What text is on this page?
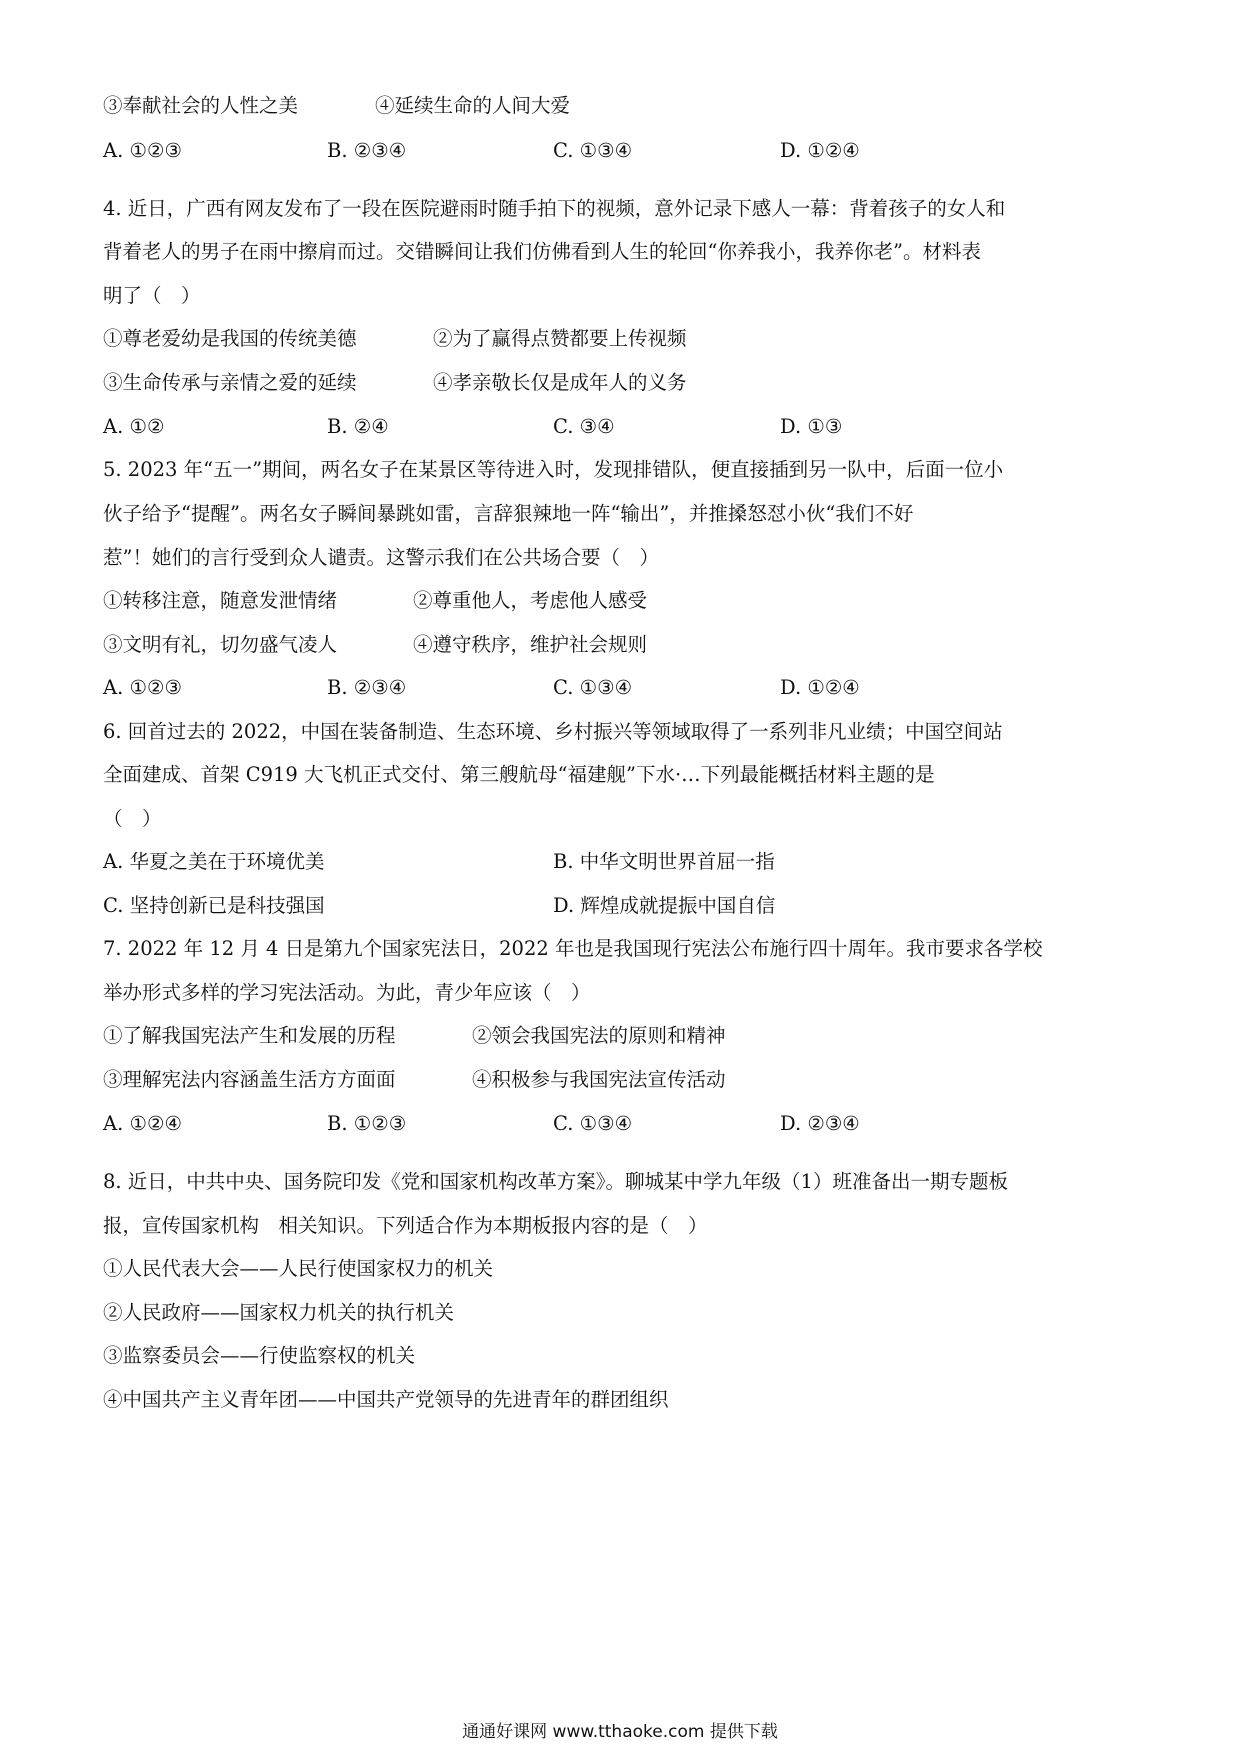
③奉献社会的人性之美	④延续生命的人间大爱
A. ①②③	B. ②③④	C. ①③④	D. ①②④
4. 近日，广西有网友发布了一段在医院避雨时随手拍下的视频，意外记录下感人一幕：背着孩子的女人和
背着老人的男子在雨中擦肩而过。交错瞬间让我们仿佛看到人生的轮回“你养我小，我养你老”。材料表
明了（　）
①尊老爱幼是我国的传统美德	②为了赢得点赞都要上传视频
③生命传承与亲情之爱的延续	④孝亲敬长仅是成年人的义务
A. ①②	B. ②④	C. ③④	D. ①③
5. 2023 年“五一”期间，两名女子在某景区等待进入时，发现排错队，便直接插到另一队中，后面一位小
伙子给予“提醒”。两名女子瞬间暴跳如雷，言辞狠辣地一阵“输出”，并推搡怒怼小伙“我们不好
惹”！她们的言行受到众人谴责。这警示我们在公共场合要（　）
①转移注意，随意发泄情绪	②尊重他人，考虑他人感受
③文明有礼，切勿盛气凌人	④遵守秩序，维护社会规则
A. ①②③	B. ②③④	C. ①③④	D. ①②④
6. 回首过去的 2022，中国在装备制造、生态环境、乡村振兴等领域取得了一系列非凡业绩；中国空间站
全面建成、首架 C919 大飞机正式交付、第三艘航母“福建舰”下水·…下列最能概括材料主题的是
（　）
A. 华夏之美在于环境优美	B. 中华文明世界首屈一指
C. 坚持创新已是科技强国	D. 辉煌成就提振中国自信
7. 2022 年 12 月 4 日是第九个国家宪法日，2022 年也是我国现行宪法公布施行四十周年。我市要求各学校
举办形式多样的学习宪法活动。为此，青少年应该（　）
①了解我国宪法产生和发展的历程	②领会我国宪法的原则和精神
③理解宪法内容涵盖生活方方面面	④积极参与我国宪法宣传活动
A. ①②④	B. ①②③	C. ①③④	D. ②③④
8. 近日，中共中央、国务院印发《党和国家机构改革方案》。聊城某中学九年级（1）班准备出一期专题板
报，宣传国家机构　相关知识。下列适合作为本期板报内容的是（　）
①人民代表大会——人民行使国家权力的机关
②人民政府——国家权力机关的执行机关
③监察委员会——行使监察权的机关
④中国共产主义青年团——中国共产党领导的先进青年的群团组织
通通好课网 www.tthaoke.com 提供下载
